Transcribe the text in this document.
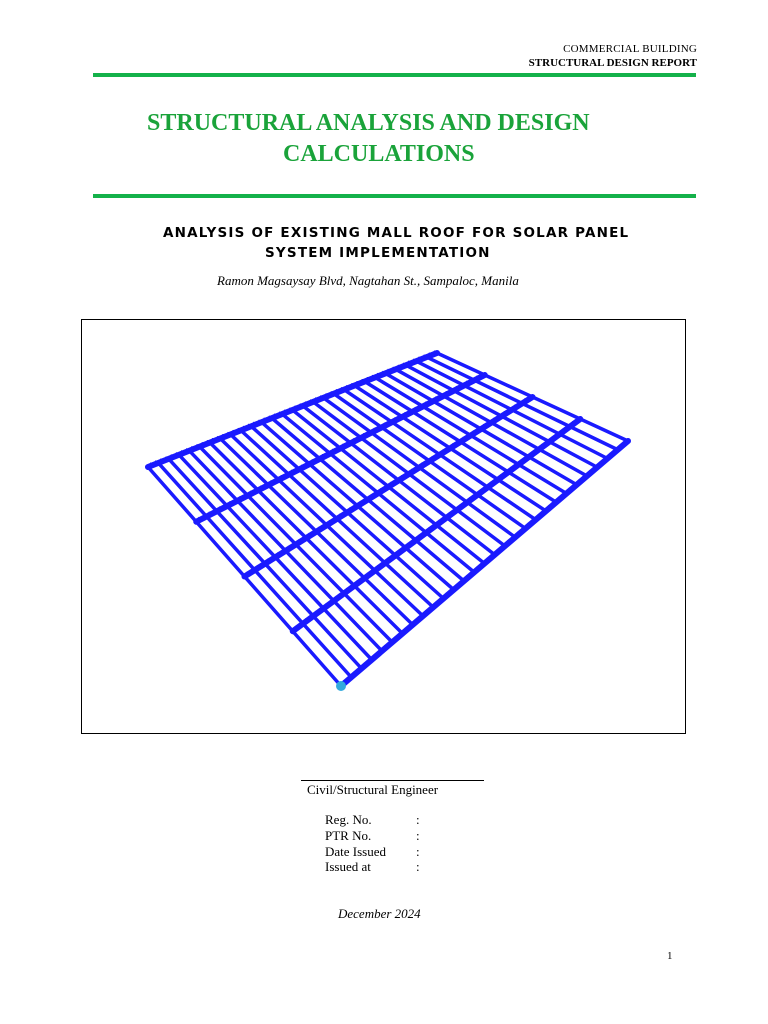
COMMERCIAL BUILDING
STRUCTURAL DESIGN REPORT
STRUCTURAL ANALYSIS AND DESIGN
CALCULATIONS
ANALYSIS OF EXISTING MALL ROOF FOR SOLAR PANEL
SYSTEM IMPLEMENTATION
Ramon Magsaysay Blvd, Nagtahan St., Sampaloc, Manila
Civil/Structural Engineer
Reg. No.	:
PTR No.	:
Date Issued :
Issued at	:
December 2024
1
